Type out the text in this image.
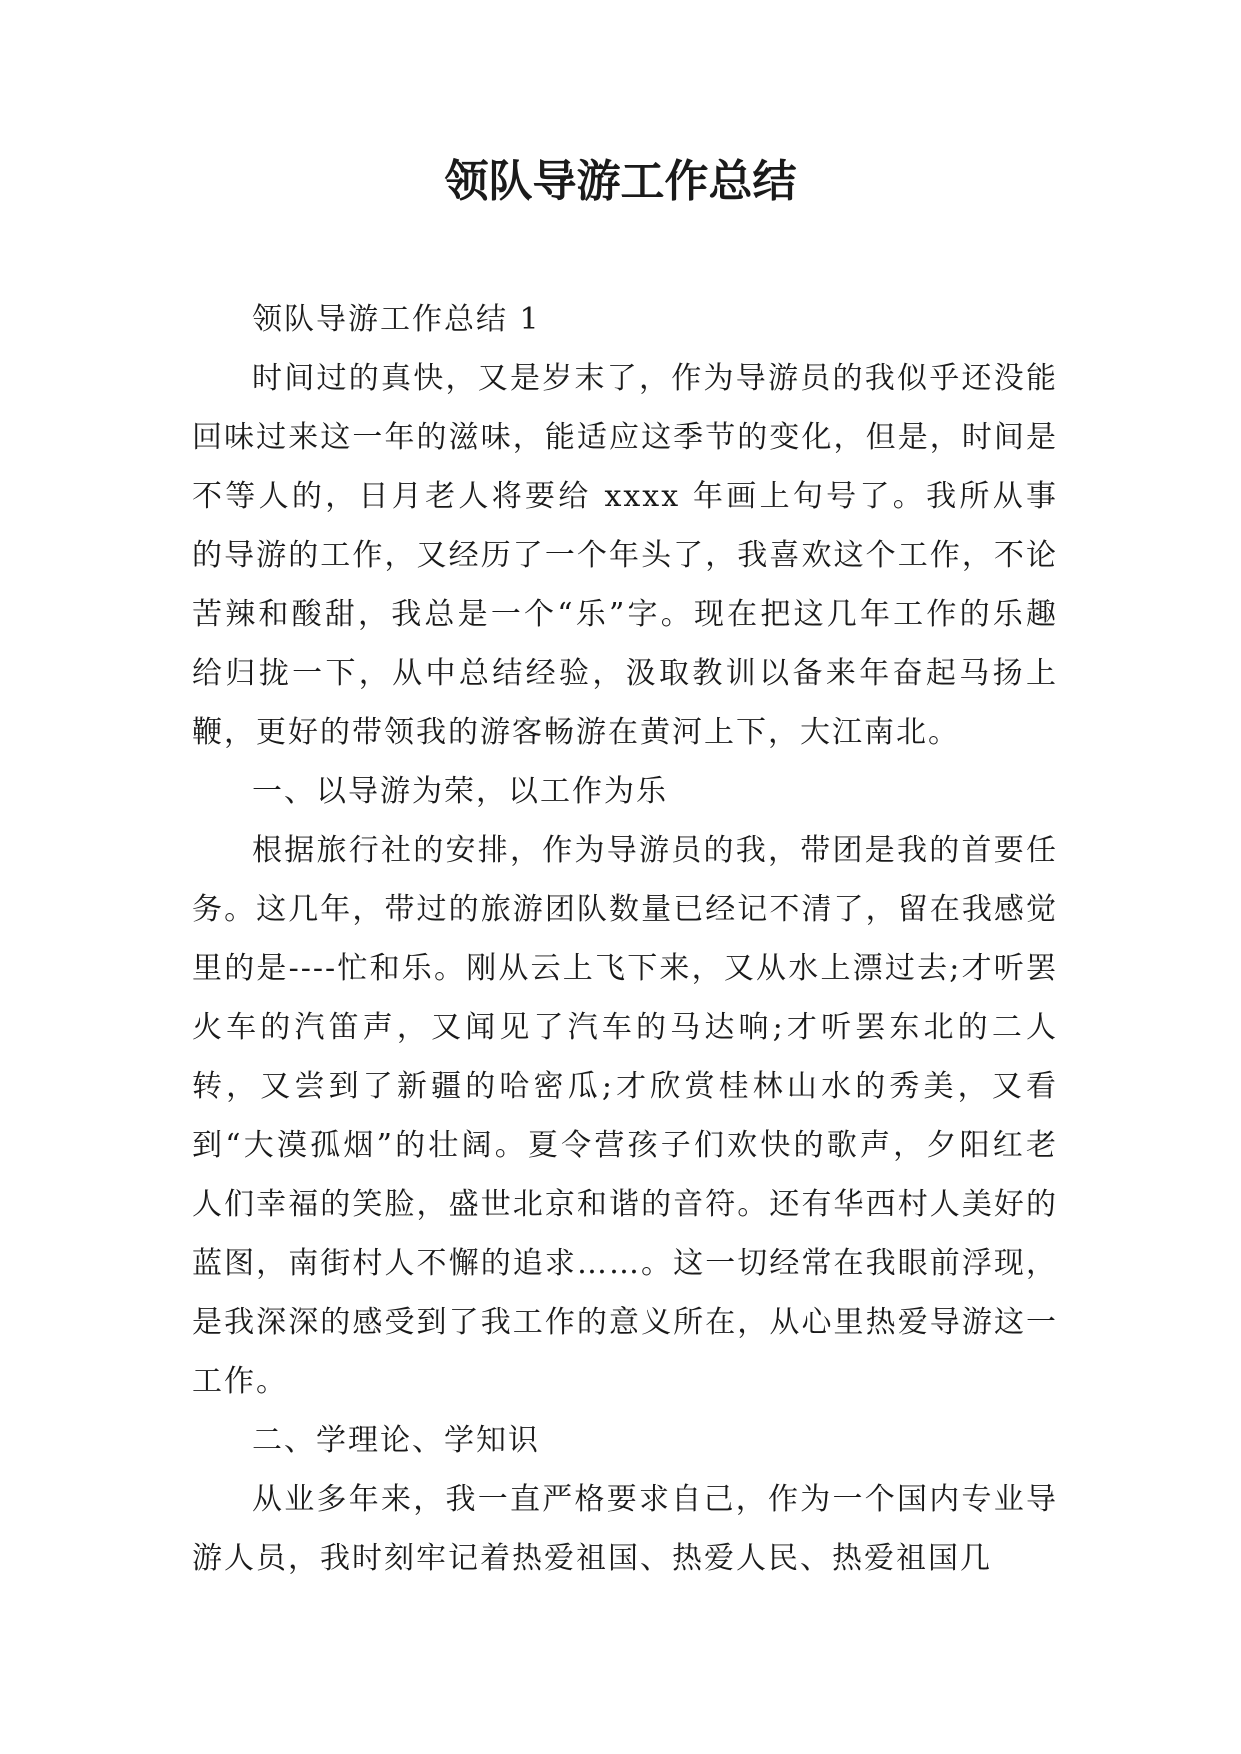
领队导游工作总结

领队导游工作总结 1

时间过的真快，又是岁末了，作为导游员的我似乎还没能回味过来这一年的滋味，能适应这季节的变化，但是，时间是不等人的，日月老人将要给 xxxx 年画上句号了。我所从事的导游的工作，又经历了一个年头了，我喜欢这个工作，不论苦辣和酸甜，我总是一个“乐”字。现在把这几年工作的乐趣给归拢一下，从中总结经验，汲取教训以备来年奋起马扬上鞭，更好的带领我的游客畅游在黄河上下，大江南北。

一、以导游为荣，以工作为乐

根据旅行社的安排，作为导游员的我，带团是我的首要任务。这几年，带过的旅游团队数量已经记不清了，留在我感觉里的是----忙和乐。刚从云上飞下来，又从水上漂过去;才听罢火车的汽笛声，又闻见了汽车的马达响;才听罢东北的二人转，又尝到了新疆的哈密瓜;才欣赏桂林山水的秀美，又看到“大漠孤烟”的壮阔。夏令营孩子们欢快的歌声，夕阳红老人们幸福的笑脸，盛世北京和谐的音符。还有华西村人美好的蓝图，南街村人不懈的追求……。这一切经常在我眼前浮现，是我深深的感受到了我工作的意义所在，从心里热爱导游这一工作。

二、学理论、学知识

从业多年来，我一直严格要求自己，作为一个国内专业导游人员，我时刻牢记着热爱祖国、热爱人民、热爱祖国几
